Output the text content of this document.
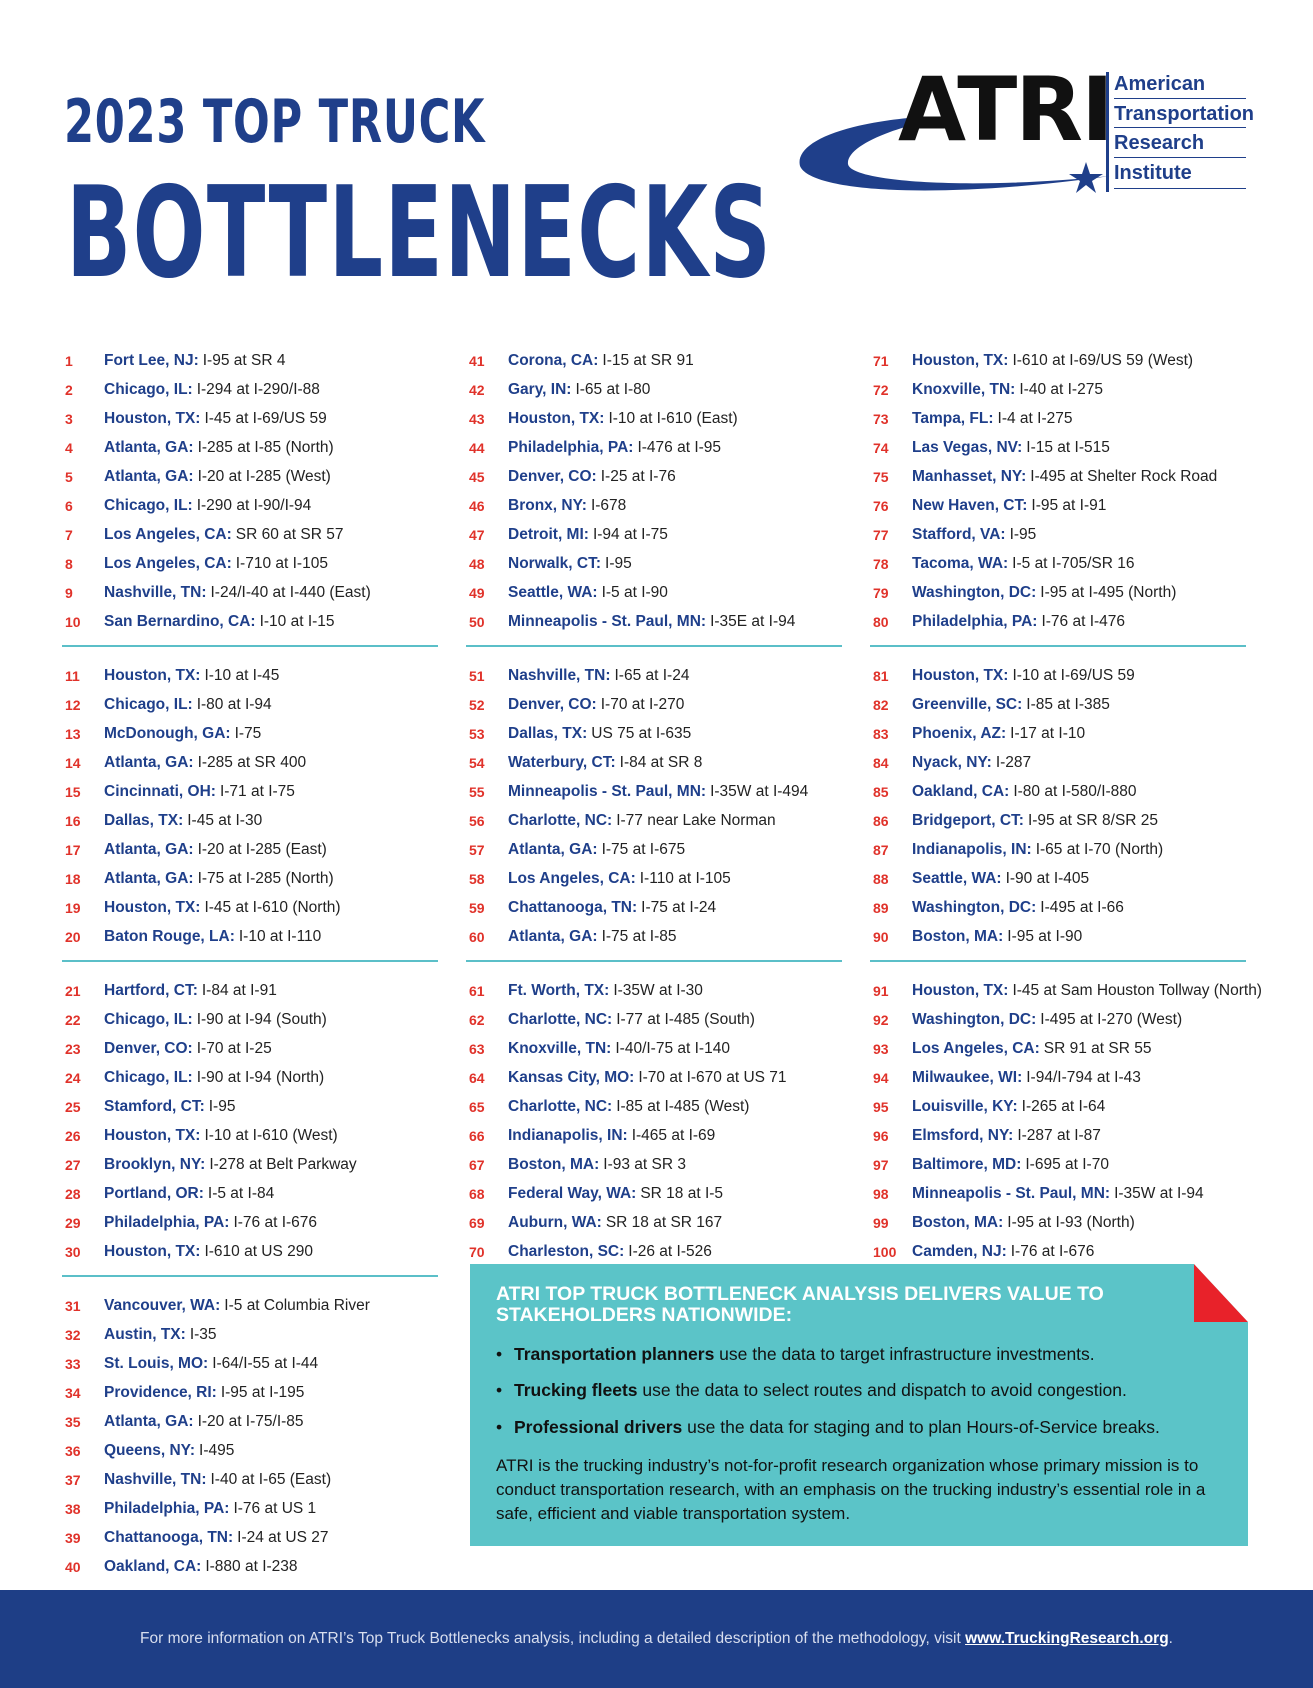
2023 TOP TRUCK
BOTTLENECKS
ATRI American
Transportation
Research
Institute
1	Fort Lee, NJ: I-95 at SR 4
2	Chicago, IL: I-294 at I-290/I-88
3	Houston, TX: I-45 at I-69/US 59
4	Atlanta, GA: I-285 at I-85 (North)
5	Atlanta, GA: I-20 at I-285 (West)
6	Chicago, IL: I-290 at I-90/I-94
7	Los Angeles, CA: SR 60 at SR 57
8	Los Angeles, CA: I-710 at I-105
9	Nashville, TN: I-24/I-40 at I-440 (East)
10	San Bernardino, CA: I-10 at I-15
11	Houston, TX: I-10 at I-45
12	Chicago, IL: I-80 at I-94
13	McDonough, GA: I-75
14	Atlanta, GA: I-285 at SR 400
15	Cincinnati, OH: I-71 at I-75
16	Dallas, TX: I-45 at I-30
17	Atlanta, GA: I-20 at I-285 (East)
18	Atlanta, GA: I-75 at I-285 (North)
19	Houston, TX: I-45 at I-610 (North)
20	Baton Rouge, LA: I-10 at I-110
21	Hartford, CT: I-84 at I-91
22	Chicago, IL: I-90 at I-94 (South)
23	Denver, CO: I-70 at I-25
24	Chicago, IL: I-90 at I-94 (North)
25	Stamford, CT: I-95
26	Houston, TX: I-10 at I-610 (West)
27	Brooklyn, NY: I-278 at Belt Parkway
28	Portland, OR: I-5 at I-84
29	Philadelphia, PA: I-76 at I-676
30	Houston, TX: I-610 at US 290
31	Vancouver, WA: I-5 at Columbia River
32	Austin, TX: I-35
33	St. Louis, MO: I-64/I-55 at I-44
34	Providence, RI: I-95 at I-195
35	Atlanta, GA: I-20 at I-75/I-85
36	Queens, NY: I-495
37	Nashville, TN: I-40 at I-65 (East)
38	Philadelphia, PA: I-76 at US 1
39	Chattanooga, TN: I-24 at US 27
40	Oakland, CA: I-880 at I-238
41	Corona, CA: I-15 at SR 91
42	Gary, IN: I-65 at I-80
43	Houston, TX: I-10 at I-610 (East)
44	Philadelphia, PA: I-476 at I-95
45	Denver, CO: I-25 at I-76
46	Bronx, NY: I-678
47	Detroit, MI: I-94 at I-75
48	Norwalk, CT: I-95
49	Seattle, WA: I-5 at I-90
50	Minneapolis - St. Paul, MN: I-35E at I-94
51	Nashville, TN: I-65 at I-24
52	Denver, CO: I-70 at I-270
53	Dallas, TX: US 75 at I-635
54	Waterbury, CT: I-84 at SR 8
55	Minneapolis - St. Paul, MN: I-35W at I-494
56	Charlotte, NC: I-77 near Lake Norman
57	Atlanta, GA: I-75 at I-675
58	Los Angeles, CA: I-110 at I-105
59	Chattanooga, TN: I-75 at I-24
60	Atlanta, GA: I-75 at I-85
61	Ft. Worth, TX: I-35W at I-30
62	Charlotte, NC: I-77 at I-485 (South)
63	Knoxville, TN: I-40/I-75 at I-140
64	Kansas City, MO: I-70 at I-670 at US 71
65	Charlotte, NC: I-85 at I-485 (West)
66	Indianapolis, IN: I-465 at I-69
67	Boston, MA: I-93 at SR 3
68	Federal Way, WA: SR 18 at I-5
69	Auburn, WA: SR 18 at SR 167
70	Charleston, SC: I-26 at I-526
71	Houston, TX: I-610 at I-69/US 59 (West)
72	Knoxville, TN: I-40 at I-275
73	Tampa, FL: I-4 at I-275
74	Las Vegas, NV: I-15 at I-515
75	Manhasset, NY: I-495 at Shelter Rock Road
76	New Haven, CT: I-95 at I-91
77	Stafford, VA: I-95
78	Tacoma, WA: I-5 at I-705/SR 16
79	Washington, DC: I-95 at I-495 (North)
80	Philadelphia, PA: I-76 at I-476
81	Houston, TX: I-10 at I-69/US 59
82	Greenville, SC: I-85 at I-385
83	Phoenix, AZ: I-17 at I-10
84	Nyack, NY: I-287
85	Oakland, CA: I-80 at I-580/I-880
86	Bridgeport, CT: I-95 at SR 8/SR 25
87	Indianapolis, IN: I-65 at I-70 (North)
88	Seattle, WA: I-90 at I-405
89	Washington, DC: I-495 at I-66
90	Boston, MA: I-95 at I-90
91	Houston, TX: I-45 at Sam Houston Tollway (North)
92	Washington, DC: I-495 at I-270 (West)
93	Los Angeles, CA: SR 91 at SR 55
94	Milwaukee, WI: I-94/I-794 at I-43
95	Louisville, KY: I-265 at I-64
96	Elmsford, NY: I-287 at I-87
97	Baltimore, MD: I-695 at I-70
98	Minneapolis - St. Paul, MN: I-35W at I-94
99	Boston, MA: I-95 at I-93 (North)
100	Camden, NJ: I-76 at I-676
ATRI TOP TRUCK BOTTLENECK ANALYSIS DELIVERS VALUE TO STAKEHOLDERS NATIONWIDE:
• Transportation planners use the data to target infrastructure investments.
• Trucking fleets use the data to select routes and dispatch to avoid congestion.
• Professional drivers use the data for staging and to plan Hours-of-Service breaks.
ATRI is the trucking industry’s not-for-profit research organization whose primary mission is to conduct transportation research, with an emphasis on the trucking industry’s essential role in a safe, efficient and viable transportation system.
For more information on ATRI’s Top Truck Bottlenecks analysis, including a detailed description of the methodology, visit www.TruckingResearch.org.
